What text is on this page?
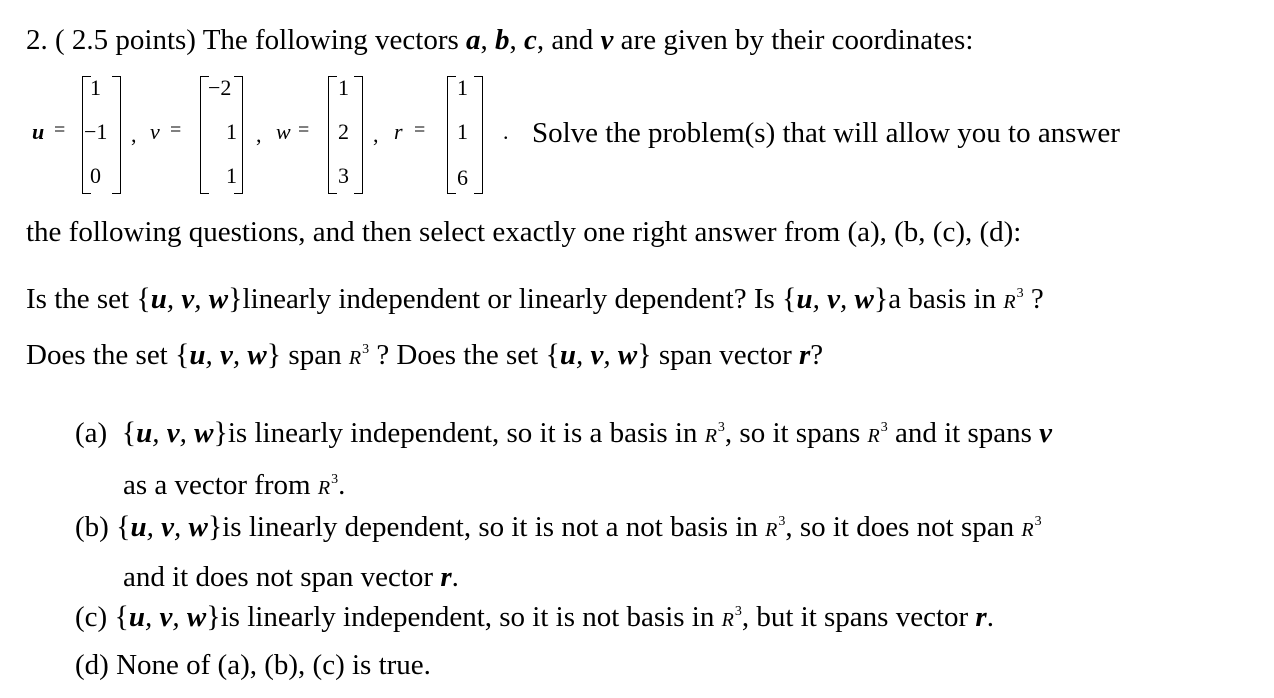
2. ( 2.5 points) The following vectors a, b, c, and v are given by their coordinates:
u =
1
−1
0
, v =
−2
1
1
, w =
1
2
3
, r =
1
1
6
. Solve the problem(s) that will allow you to answer
the following questions, and then select exactly one right answer from (a), (b, (c), (d):
Is the set {u, v, w}linearly independent or linearly dependent? Is {u, v, w}a basis in $R^3$ ?
Does the set {u, v, w} span $R^3$ ? Does the set {u, v, w} span vector r?
(a) {u, v, w}is linearly independent, so it is a basis in $R^3$, so it spans $R^3$ and it spans v
as a vector from $R^3$.
(b) {u, v, w}is linearly dependent, so it is not a not basis in $R^3$, so it does not span $R^3$
and it does not span vector r.
(c) {u, v, w}is linearly independent, so it is not basis in $R^3$, but it spans vector r.
(d) None of (a), (b), (c) is true.
